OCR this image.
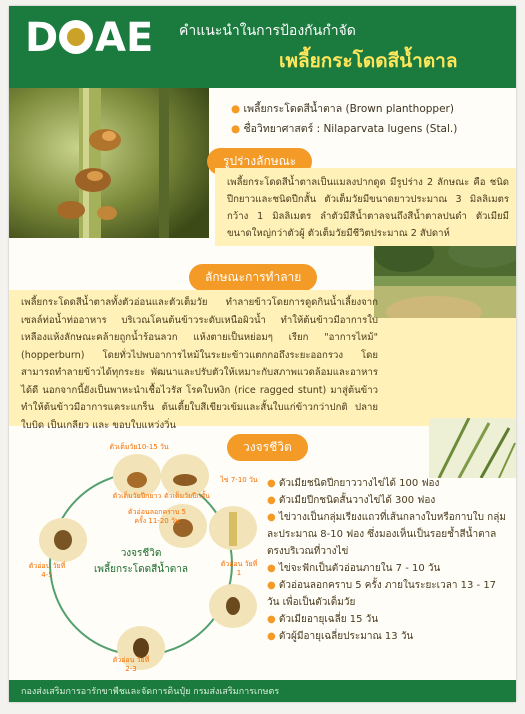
D AE คำแนะนำในการป้องกันกำจัด
เพลี้ยกระโดดสีน้ำตาล
● เพลี้ยกระโดดสีน้ำตาล (Brown planthopper)
● ชื่อวิทยาศาสตร์ : Nilaparvata lugens (Stal.)
รูปร่างลักษณะ
เพลี้ยกระโดดสีน้ำตาลเป็นแมลงปากดูด มีรูปร่าง 2 ลักษณะ คือ ชนิดปีกยาวและชนิดปีกสั้น ตัวเต็มวัยมีขนาดยาวประมาณ 3 มิลลิเมตร กว้าง 1 มิลลิเมตร ลำตัวมีสีน้ำตาลจนถึงสีน้ำตาลปนดำ ตัวเมียมีขนาดใหญ่กว่าตัวผู้ ตัวเต็มวัยมีชีวิตประมาณ 2 สัปดาห์
ลักษณะการทำลาย
เพลี้ยกระโดดสีน้ำตาลทั้งตัวอ่อนและตัวเต็มวัย ทำลายข้าวโดยการดูดกินน้ำเลี้ยงจากเซลล์ท่อน้ำท่ออาหาร บริเวณโคนต้นข้าวระดับเหนือผิวน้ำ ทำให้ต้นข้าวมีอาการใบเหลืองแห้งลักษณะคล้ายถูกน้ำร้อนลวก แห้งตายเป็นหย่อมๆ เรียก "อาการไหม้" (hopperburn) โดยทั่วไปพบอาการไหม้ในระยะข้าวแตกกอถึงระยะออกรวง โดยสามารถทำลายข้าวได้ทุกระยะ พัฒนาและปรับตัวให้เหมาะกับสภาพแวดล้อมและอาหารได้ดี นอกจากนี้ยังเป็นพาหะนำเชื้อไวรัส โรคใบหงิก (rice ragged stunt) มาสู่ต้นข้าวทำให้ต้นข้าวมีอาการแคระแกร็น ต้นเตี้ยใบสีเขียวเข้มและสั้นใบแก่ข้าวกว่าปกติ ปลายใบบิด เป็นเกลียว และ ขอบใบแหว่งวิ่น
วงจรชีวิต
วงจรชีวิต
เพลี้ยกระโดดสีน้ำตาล
ตัวเต็มวัย10-15 วัน
ตัวเต็มวัยปีกยาว ตัวเต็มวัยปีกสั้น
ไข่ 7-10 วัน
ตัวอ่อนลอกคราบ 5 ครั้ง 11-20 วัน
ตัวอ่อน วัยที่ 1
ตัวอ่อน วัยที่ 4-5
ตัวอ่อน วัยที่ 2-3
● ตัวเมียชนิดปีกยาววางไข่ได้ 100 ฟอง
● ตัวเมียปีกชนิดสั้นวางไข่ได้ 300 ฟอง
● ไข่วางเป็นกลุ่มเรียงแถวที่เส้นกลางใบหรือกาบใบ กลุ่มละประมาณ 8-10 ฟอง ซึ่งมองเห็นเป็นรอยช้ำสีน้ำตาลตรงบริเวณที่วางไข่
● ไข่จะฟักเป็นตัวอ่อนภายใน 7 - 10 วัน
● ตัวอ่อนลอกคราบ 5 ครั้ง ภายในระยะเวลา 13 - 17 วัน เพื่อเป็นตัวเต็มวัย
● ตัวเมียอายุเฉลี่ย 15 วัน
● ตัวผู้มีอายุเฉลี่ยประมาณ 13 วัน
กองส่งเสริมการอารักขาพืชและจัดการดินปุ๋ย กรมส่งเสริมการเกษตร
